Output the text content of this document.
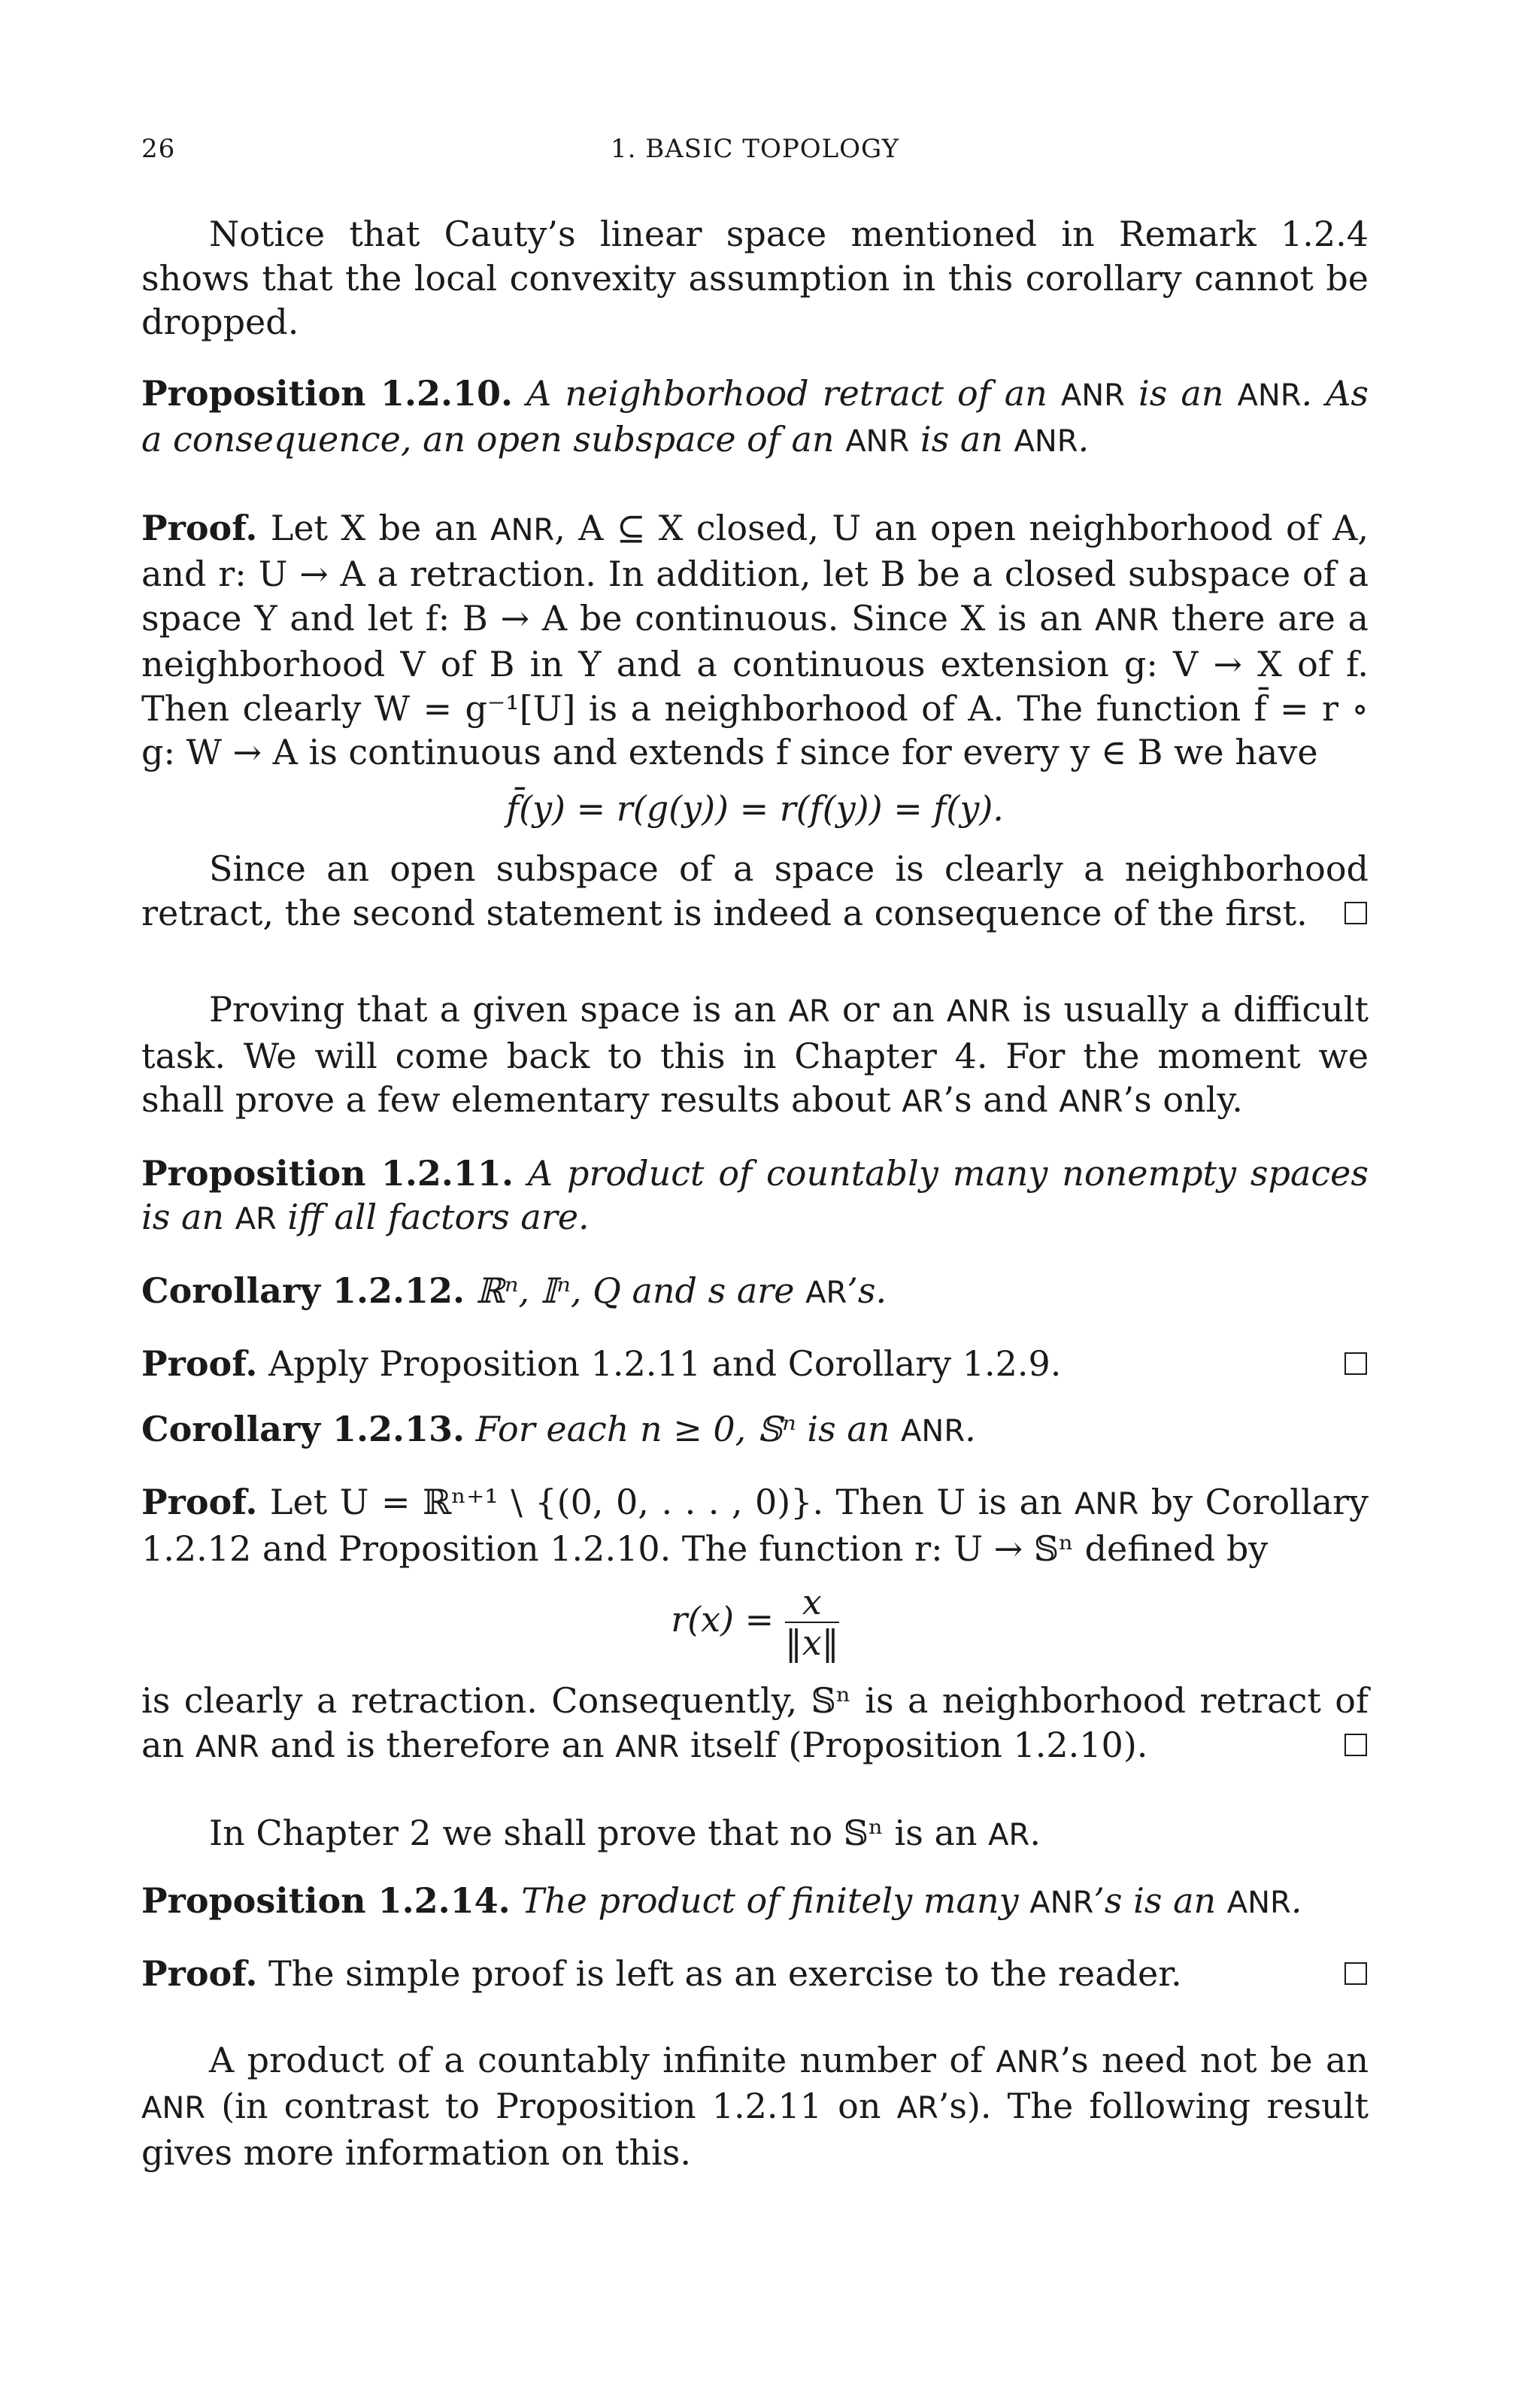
26	1. BASIC TOPOLOGY

Notice that Cauty’s linear space mentioned in Remark 1.2.4 shows that the local convexity assumption in this corollary cannot be dropped.

Proposition 1.2.10. A neighborhood retract of an ANR is an ANR. As a consequence, an open subspace of an ANR is an ANR.

Proof. Let X be an ANR, A ⊆ X closed, U an open neighborhood of A, and r: U → A a retraction. In addition, let B be a closed subspace of a space Y and let f: B → A be continuous. Since X is an ANR there are a neighborhood V of B in Y and a continuous extension g: V → X of f. Then clearly W = g⁻¹[U] is a neighborhood of A. The function f̄ = r ∘ g: W → A is continuous and extends f since for every y ∈ B we have

f̄(y) = r(g(y)) = r(f(y)) = f(y).

Since an open subspace of a space is clearly a neighborhood retract, the second statement is indeed a consequence of the first.

Proving that a given space is an AR or an ANR is usually a difficult task. We will come back to this in Chapter 4. For the moment we shall prove a few elementary results about AR’s and ANR’s only.

Proposition 1.2.11. A product of countably many nonempty spaces is an AR iff all factors are.

Corollary 1.2.12. ℝⁿ, 𝕀ⁿ, Q and s are AR’s.

Proof. Apply Proposition 1.2.11 and Corollary 1.2.9.

Corollary 1.2.13. For each n ≥ 0, 𝕊ⁿ is an ANR.

Proof. Let U = ℝⁿ⁺¹ \ {(0, 0, . . . , 0)}. Then U is an ANR by Corollary 1.2.12 and Proposition 1.2.10. The function r: U → 𝕊ⁿ defined by

$r(x) = \frac{x}{‖x‖}$

is clearly a retraction. Consequently, 𝕊ⁿ is a neighborhood retract of an ANR and is therefore an ANR itself (Proposition 1.2.10).

In Chapter 2 we shall prove that no 𝕊ⁿ is an AR.

Proposition 1.2.14. The product of finitely many ANR’s is an ANR.

Proof. The simple proof is left as an exercise to the reader.

A product of a countably infinite number of ANR’s need not be an ANR (in contrast to Proposition 1.2.11 on AR’s). The following result gives more information on this.
